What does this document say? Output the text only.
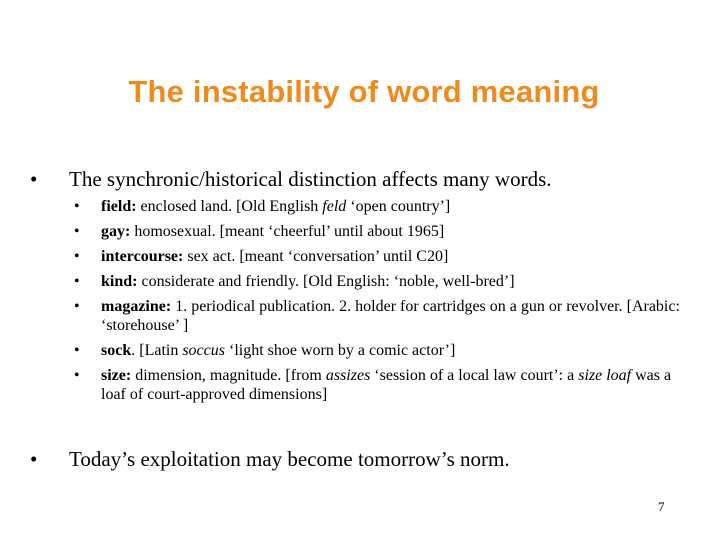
The instability of word meaning
• The synchronic/historical distinction affects many words.
• field: enclosed land. [Old English feld ‘open country’]
• gay: homosexual. [meant ‘cheerful’ until about 1965]
• intercourse: sex act. [meant ‘conversation’ until C20]
• kind: considerate and friendly. [Old English: ‘noble, well-bred’]
• magazine: 1. periodical publication. 2. holder for cartridges on a gun or revolver. [Arabic: ‘storehouse’ ]
• sock. [Latin soccus ‘light shoe worn by a comic actor’]
• size: dimension, magnitude. [from assizes ‘session of a local law court’: a size loaf was a loaf of court-approved dimensions]
• Today’s exploitation may become tomorrow’s norm.
7
